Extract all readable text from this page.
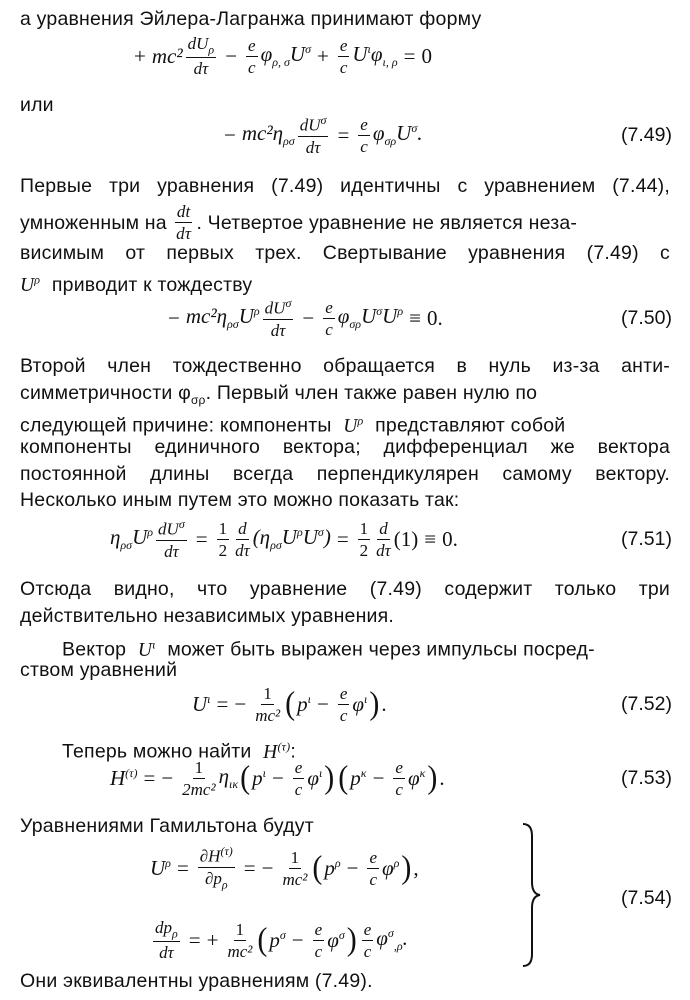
а уравнения Эйлера-Лагранжа принимают форму
+ $mc^2 \frac{dU_\rho}{d\tau} - \frac{e}{c} \varphi_{\rho, \sigma}U^\sigma + \frac{e}{c} U^\iota\varphi_{\iota, \rho} = 0$
или
− $mc^2\eta_{\rho\sigma} \frac{dU^\sigma}{d\tau} = \frac{e}{c} \varphi_{\sigma\rho}U^\sigma$.	(7.49)
Первые три уравнения (7.49) идентичны с уравнением (7.44),
умноженным на $\frac{dt}{d\tau}$ . Четвертое уравнение не является неза-
висимым от первых трех. Свертывание уравнения (7.49) с
$U^\rho$ приводит к тождеству
− $mc^2\eta_{\rho\sigma}U^\rho \frac{dU^\sigma}{d\tau} - \frac{e}{c} \varphi_{\sigma\rho}U^\sigma U^\rho \equiv 0$.	(7.50)
Второй член тождественно обращается в нуль из-за анти-
симметричности $\varphi_{\sigma\rho}$. Первый член также равен нулю по
следующей причине: компоненты $U^\rho$ представляют собой
компоненты единичного вектора; дифференциал же вектора
постоянной длины всегда перпендикулярен самому вектору.
Несколько иным путем это можно показать так:
$\eta_{\rho\sigma}U^\rho \frac{dU^\sigma}{d\tau} = \frac{1}{2} \frac{d}{d\tau} (\eta_{\rho\sigma}U^\rho U^\sigma) = \frac{1}{2} \frac{d}{d\tau} (1) \equiv 0$.	(7.51)
Отсюда видно, что уравнение (7.49) содержит только три
действительно независимых уравнения.
Вектор $U^\iota$ может быть выражен через импульсы посред-
ством уравнений
$U^\iota$ = − $\frac{1}{\text{mc²}}$ ( $p^\iota - \frac{e}{c} \varphi^\iota$ ) .	(7.52)
Теперь можно найти $H^{(\tau)}$:
$H^{(\tau)}$ = − $\frac{1}{\text{2mc²}} \eta_{\iota\kappa}$ ( $p^\iota - \frac{e}{c} \varphi^\iota$ ) ( $p^\kappa - \frac{e}{c} \varphi^\kappa$ ) .	(7.53)
Уравнениями Гамильтона будут
$U^\rho = \frac{\partial H^{(\tau)}}{\partial p_\rho}$ = − $\frac{1}{\text{mc²}}$ ( $p^\rho - \frac{e}{c} \varphi^\rho$ ) ,
$\frac{dp_\rho}{d\tau}$ = + $\frac{1}{\text{mc²}}$ ( $p^\sigma - \frac{e}{c} \varphi^\sigma$ ) $\frac{e}{c} \varphi^\sigma_{,\rho}$.
(7.54)
Они эквивалентны уравнениям (7.49).
